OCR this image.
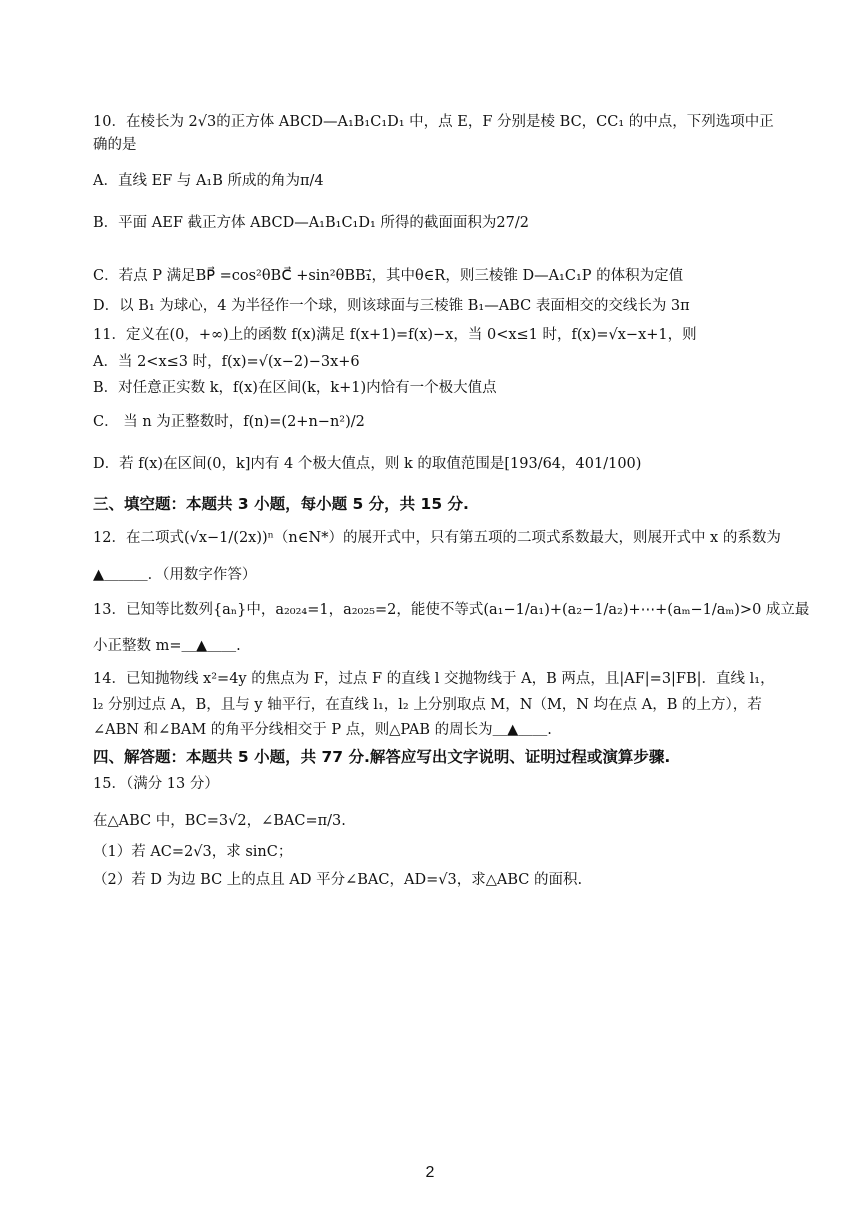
10．在棱长为 2√3的正方体 ABCD—A₁B₁C₁D₁ 中，点 E，F 分别是棱 BC，CC₁ 的中点，下列选项中正
确的是
A．直线 EF 与 A₁B 所成的角为π/4
B．平面 AEF 截正方体 ABCD—A₁B₁C₁D₁ 所得的截面面积为27/2
C．若点 P 满足BP⃗ =cos²θBC⃗ +sin²θBB₁⃗，其中θ∈R，则三棱锥 D—A₁C₁P 的体积为定值
D．以 B₁ 为球心，4 为半径作一个球，则该球面与三棱锥 B₁—ABC 表面相交的交线长为 3π
11．定义在(0，+∞)上的函数 f(x)满足 f(x+1)=f(x)−x，当 0<x≤1 时，f(x)=√x−x+1，则
A．当 2<x≤3 时，f(x)=√(x−2)−3x+6
B．对任意正实数 k，f(x)在区间(k，k+1)内恰有一个极大值点
C． 当 n 为正整数时，f(n)=(2+n−n²)/2
D．若 f(x)在区间(0，k]内有 4 个极大值点，则 k 的取值范围是[193/64，401/100)
三、填空题：本题共 3 小题，每小题 5 分，共 15 分.
12．在二项式(√x−1/(2x))ⁿ（n∈N*）的展开式中，只有第五项的二项式系数最大，则展开式中 x 的系数为
▲＿＿＿．（用数字作答）
13．已知等比数列{aₙ}中，a₂₀₂₄=1，a₂₀₂₅=2，能使不等式(a₁−1/a₁)+(a₂−1/a₂)+⋯+(aₘ−1/aₘ)>0 成立最
小正整数 m=＿▲＿＿.
14．已知抛物线 x²=4y 的焦点为 F，过点 F 的直线 l 交抛物线于 A，B 两点，且|AF|=3|FB|．直线 l₁，
l₂ 分别过点 A，B，且与 y 轴平行，在直线 l₁，l₂ 上分别取点 M，N（M，N 均在点 A，B 的上方），若
∠ABN 和∠BAM 的角平分线相交于 P 点，则△PAB 的周长为＿▲＿＿.
四、解答题：本题共 5 小题，共 77 分.解答应写出文字说明、证明过程或演算步骤.
15．（满分 13 分）
在△ABC 中，BC=3√2，∠BAC=π/3.
（1）若 AC=2√3，求 sinC；
（2）若 D 为边 BC 上的点且 AD 平分∠BAC，AD=√3，求△ABC 的面积.
2
